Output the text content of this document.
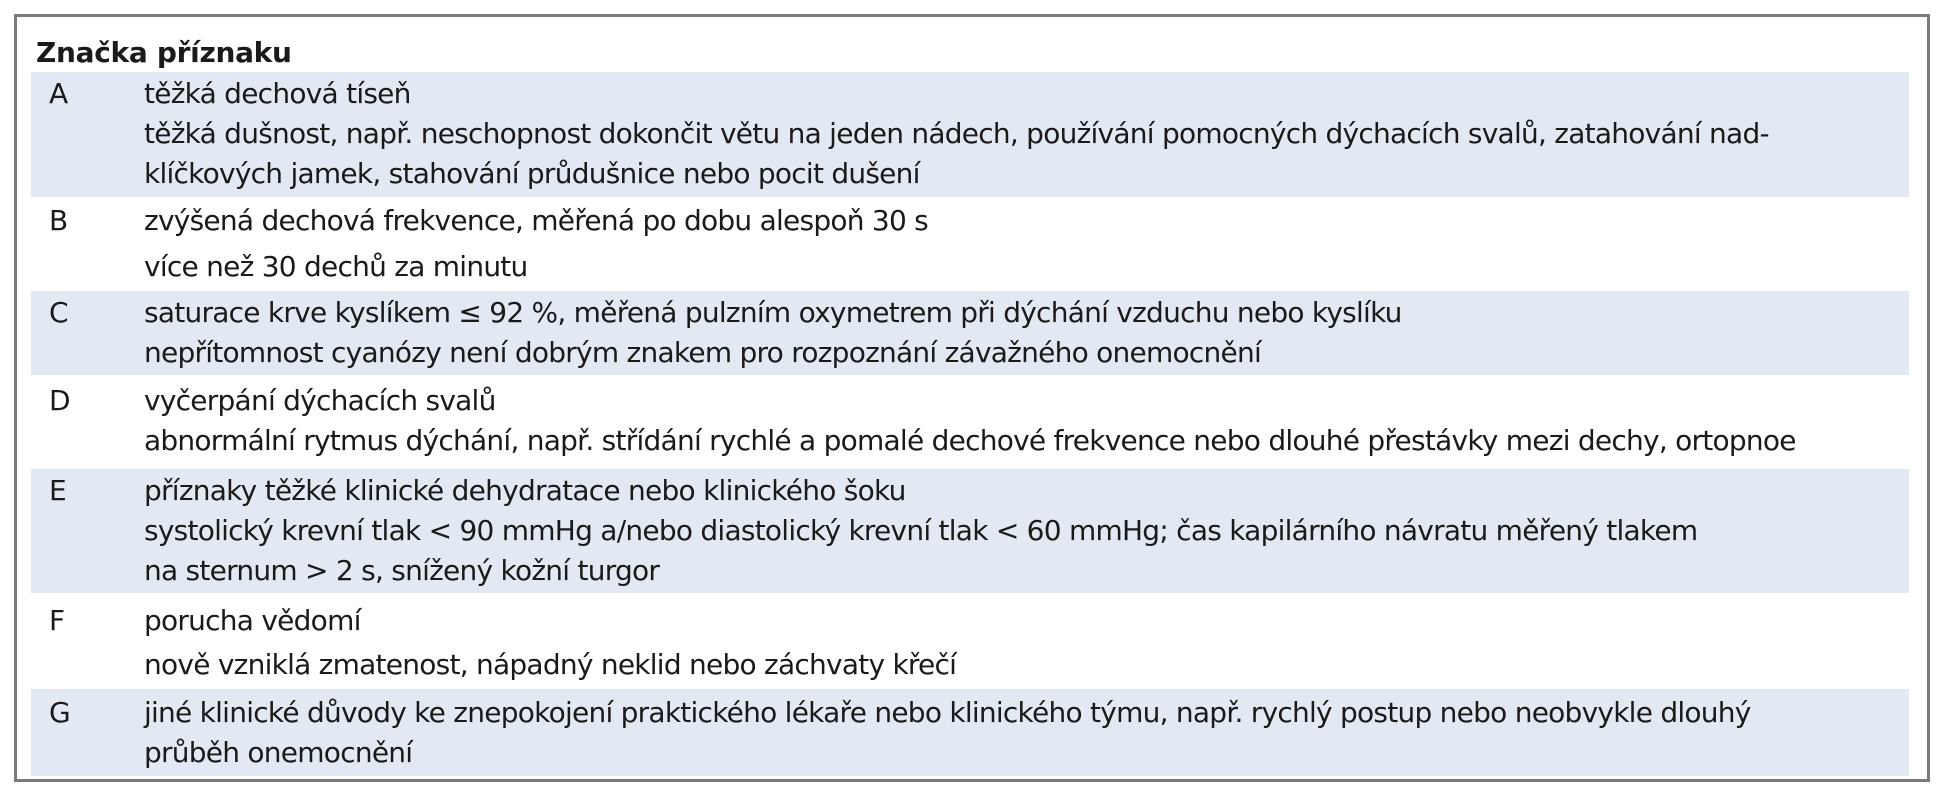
Značka příznaku
A	těžká dechová tíseň
těžká dušnost, např. neschopnost dokončit větu na jeden nádech, používání pomocných dýchacích svalů, zatahování nad-
klíčkových jamek, stahování průdušnice nebo pocit dušení
B	zvýšená dechová frekvence, měřená po dobu alespoň 30 s
více než 30 dechů za minutu
C	saturace krve kyslíkem ≤ 92 %, měřená pulzním oxymetrem při dýchání vzduchu nebo kyslíku
nepřítomnost cyanózy není dobrým znakem pro rozpoznání závažného onemocnění
D	vyčerpání dýchacích svalů
abnormální rytmus dýchání, např. střídání rychlé a pomalé dechové frekvence nebo dlouhé přestávky mezi dechy, ortopnoe
E	příznaky těžké klinické dehydratace nebo klinického šoku
systolický krevní tlak < 90 mmHg a/nebo diastolický krevní tlak < 60 mmHg; čas kapilárního návratu měřený tlakem
na sternum > 2 s, snížený kožní turgor
F	porucha vědomí
nově vzniklá zmatenost, nápadný neklid nebo záchvaty křečí
G	jiné klinické důvody ke znepokojení praktického lékaře nebo klinického týmu, např. rychlý postup nebo neobvykle dlouhý
průběh onemocnění
